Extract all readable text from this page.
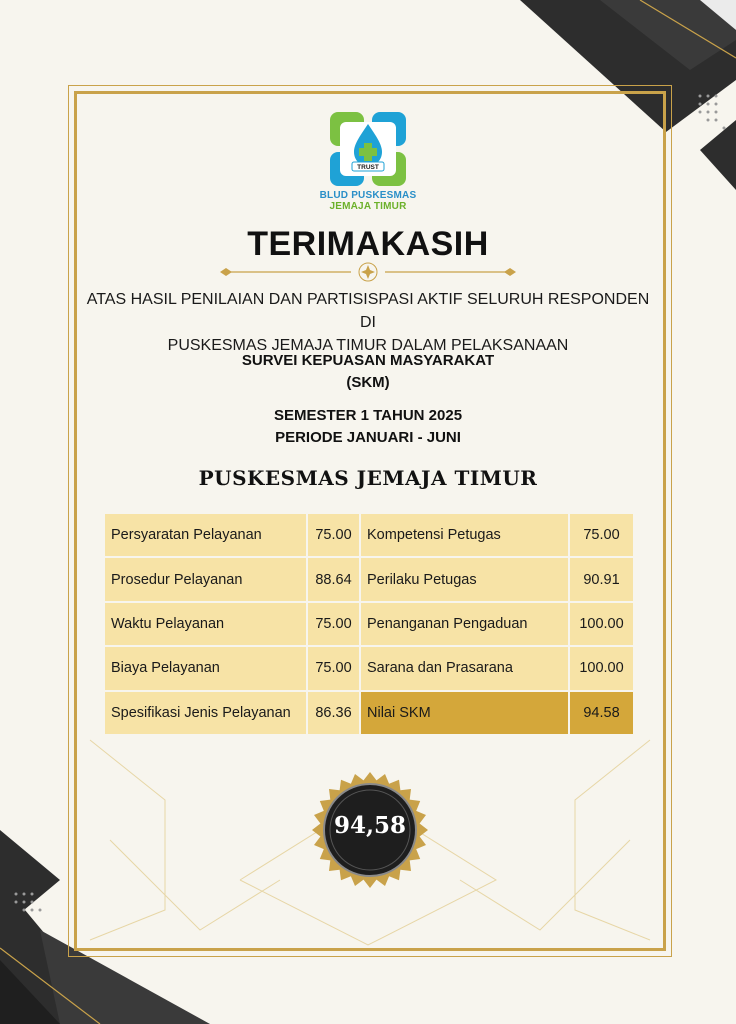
TRUST
BLUD PUSKESMAS
JEMAJA TIMUR
TERIMAKASIH
ATAS HASIL PENILAIAN DAN PARTISISPASI AKTIF SELURUH RESPONDEN DI
PUSKESMAS JEMAJA TIMUR DALAM PELAKSANAAN
SURVEI KEPUASAN MASYARAKAT
(SKM)
SEMESTER 1 TAHUN 2025
PERIODE JANUARI - JUNI
PUSKESMAS JEMAJA TIMUR
Persyaratan Pelayanan	75.00	Kompetensi Petugas	75.00
Prosedur Pelayanan	88.64	Perilaku Petugas	90.91
Waktu Pelayanan	75.00	Penanganan Pengaduan	100.00
Biaya Pelayanan	75.00	Sarana dan Prasarana	100.00
Spesifikasi Jenis Pelayanan	86.36	Nilai SKM	94.58
94,58
